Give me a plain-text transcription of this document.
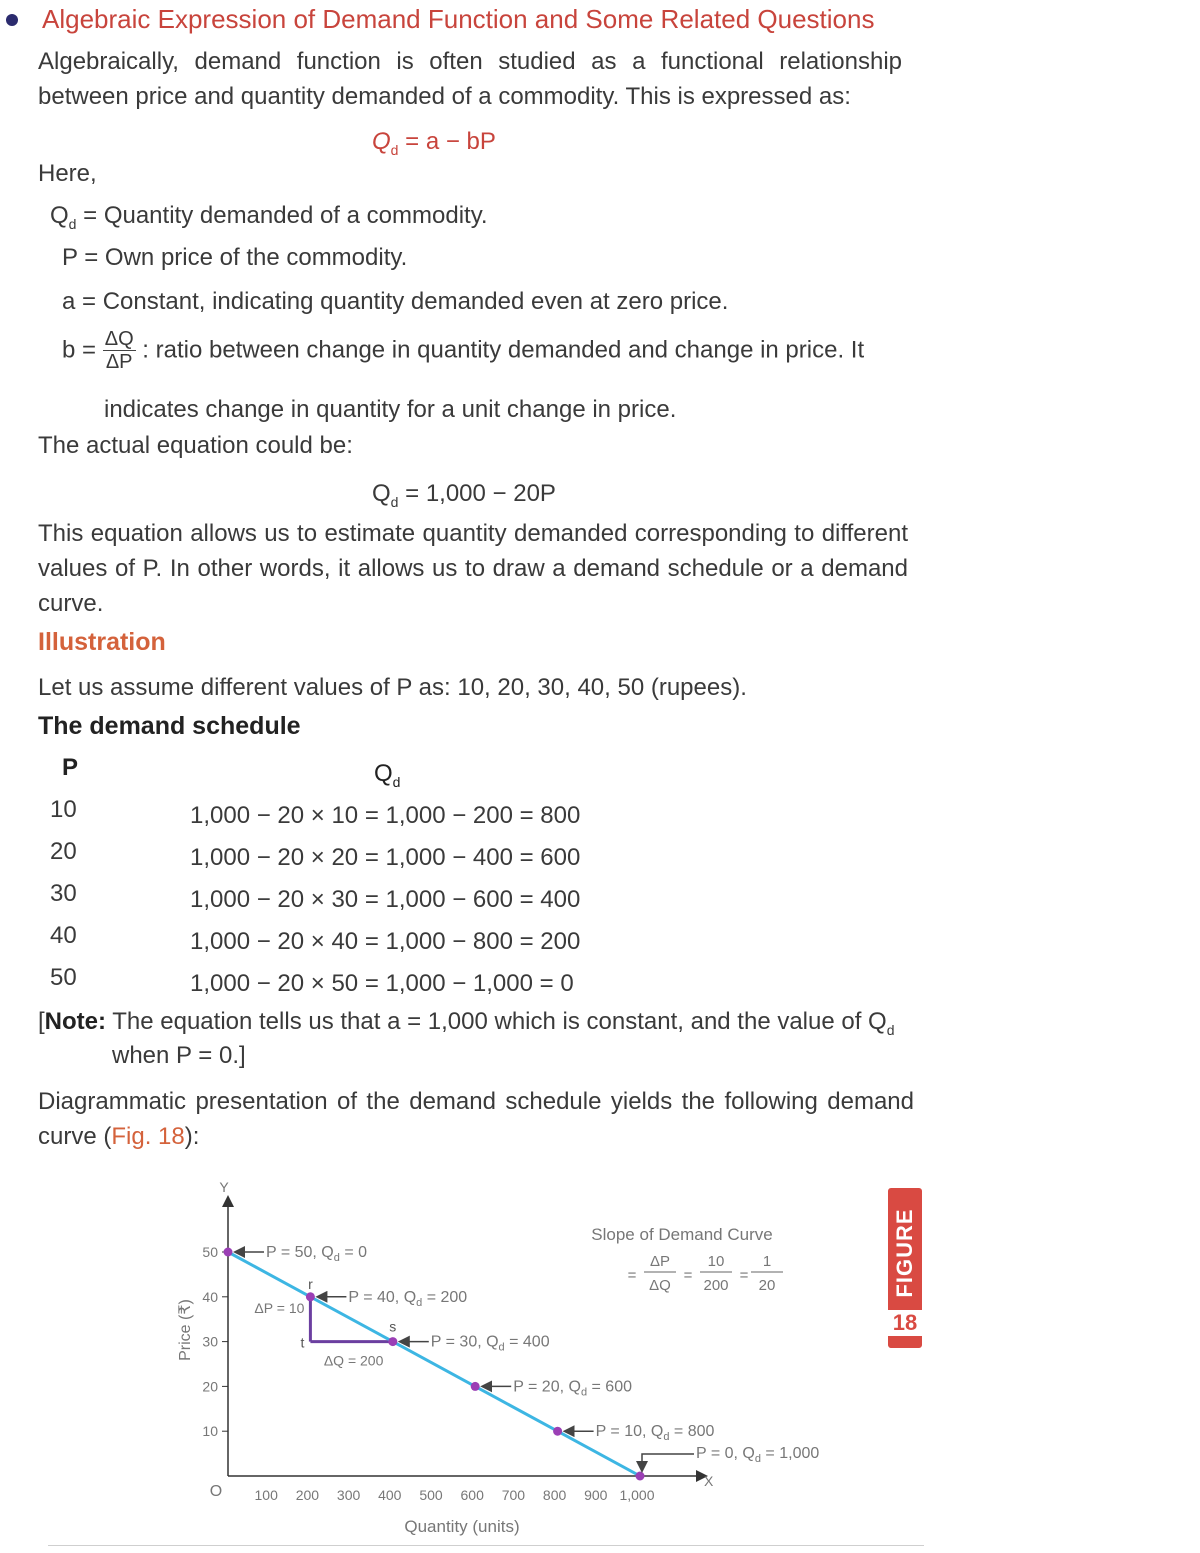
Algebraic Expression of Demand Function and Some Related Questions
Algebraically, demand function is often studied as a functional relationship between price and quantity demanded of a commodity. This is expressed as:
$Q_d = a$ − bP
Here,
$Q_d$ = Quantity demanded of a commodity.
P = Own price of the commodity.
a = Constant, indicating quantity demanded even at zero price.
$b = \frac{\Delta Q}{\Delta P}$ : ratio between change in quantity demanded and change in price. It
indicates change in quantity for a unit change in price.
The actual equation could be:
$Q_d = 1,000 - 20P$
This equation allows us to estimate quantity demanded corresponding to different values of P. In other words, it allows us to draw a demand schedule or a demand curve.
Illustration
Let us assume different values of P as: 10, 20, 30, 40, 50 (rupees).
The demand schedule
P	$Q_d$
10	1,000 − 20 × 10 = 1,000 − 200 = 800
20	1,000 − 20 × 20 = 1,000 − 400 = 600
30	1,000 − 20 × 30 = 1,000 − 600 = 400
40	1,000 − 20 × 40 = 1,000 − 800 = 200
50	1,000 − 20 × 50 = 1,000 − 1,000 = 0
[Note: The equation tells us that a = 1,000 which is constant, and the value of $Q_d$
when P = 0.]
Diagrammatic presentation of the demand schedule yields the following demand curve (Fig. 18):
Y
X
O
10
20
30
40
50
100 200 300 400 500 600 700 800 900 1,000
Quantity (units)
Price (₹)
r
s
t
ΔP = 10
ΔQ = 200
P = 50, $Q_d = 0$
P = 40, $Q_d = 200$
P = 30, $Q_d = 400$
P = 20, $Q_d = 600$
P = 10, $Q_d = 800$
P = 0, $Q_d = 1,000$
Slope of Demand Curve
=
ΔP
ΔQ
=
10
200
=
1
20	FIGURE
18
